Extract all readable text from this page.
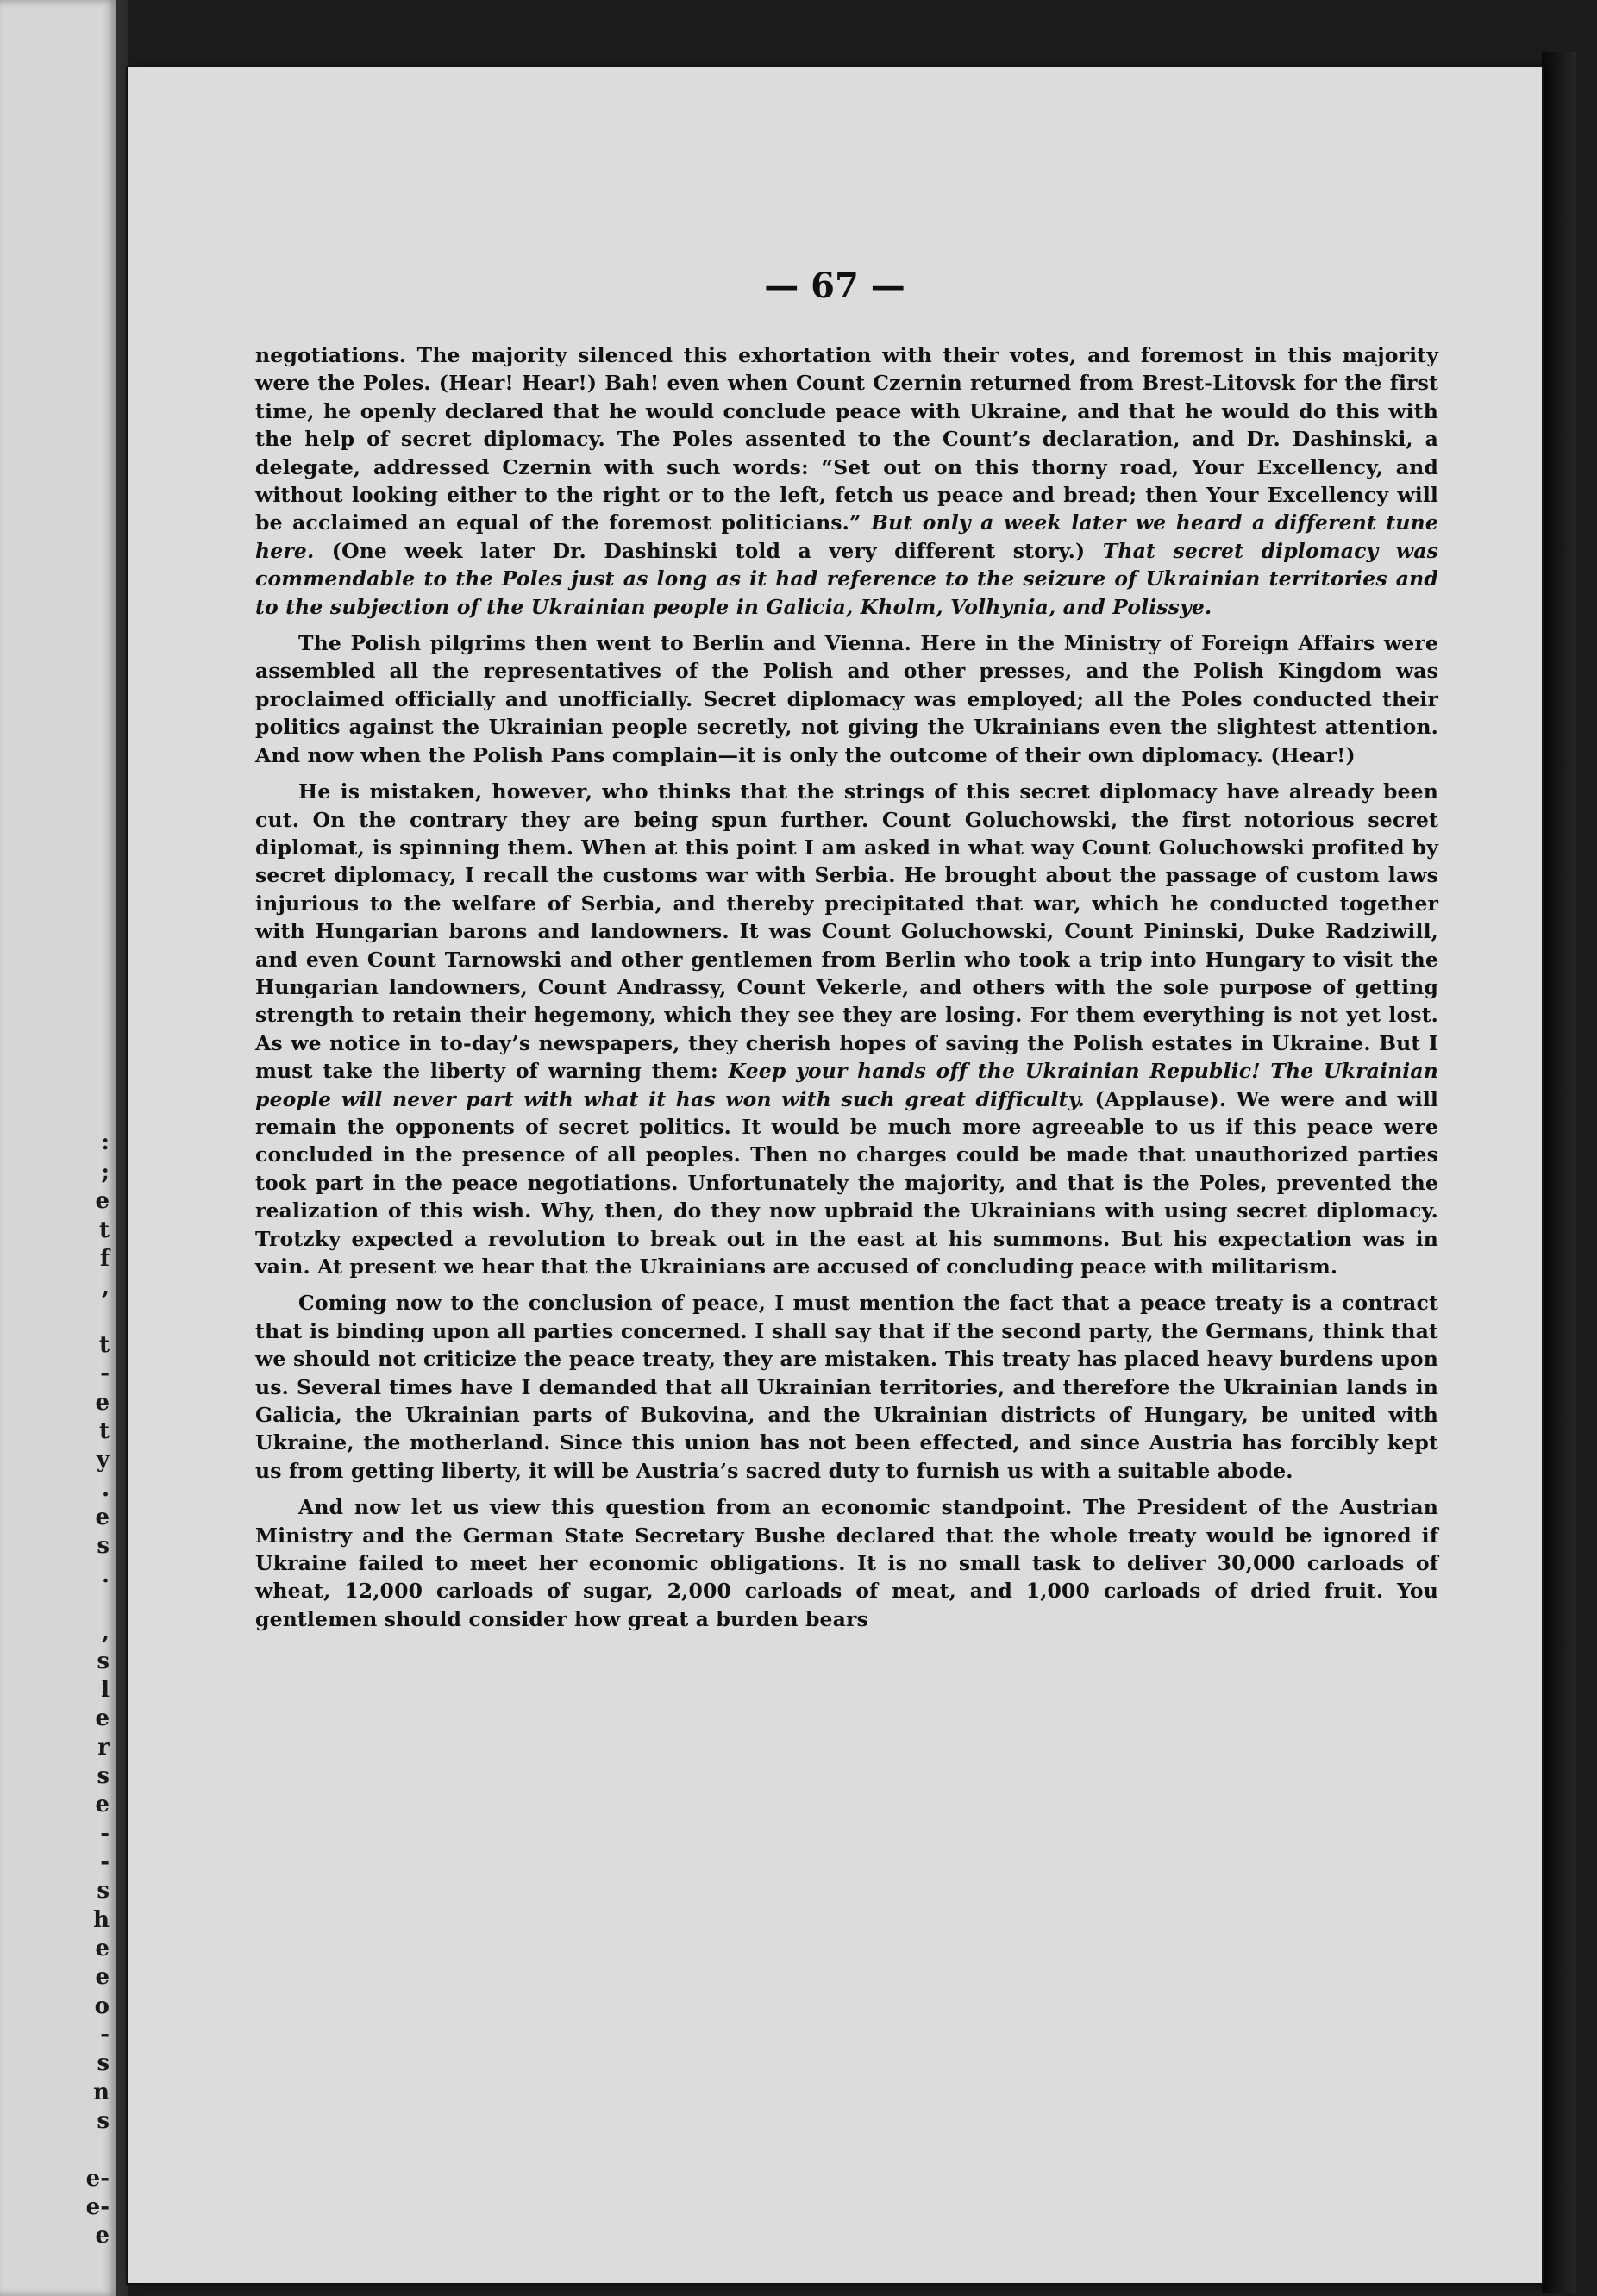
:
;
e
t
f
,
t
-
e
t
y
.
e
s
.
,
s
l
e
r
s
e
-
-
s
h
e
e
o
-
s
n
s
e-
e-
e
— 67 —

negotiations. The majority silenced this exhortation with their votes, and foremost in this majority were the Poles. (Hear! Hear!) Bah! even when Count Czernin returned from Brest-Litovsk for the first time, he openly declared that he would conclude peace with Ukraine, and that he would do this with the help of secret diplomacy. The Poles assented to the Count’s declaration, and Dr. Dashinski, a delegate, addressed Czernin with such words: “Set out on this thorny road, Your Excellency, and without looking either to the right or to the left, fetch us peace and bread; then Your Excellency will be acclaimed an equal of the foremost politicians.” But only a week later we heard a different tune here. (One week later Dr. Dashinski told a very different story.) That secret diplomacy was commendable to the Poles just as long as it had reference to the seizure of Ukrainian territories and to the subjection of the Ukrainian people in Galicia, Kholm, Volhynia, and Polissye.

The Polish pilgrims then went to Berlin and Vienna. Here in the Ministry of Foreign Affairs were assembled all the representatives of the Polish and other presses, and the Polish Kingdom was proclaimed officially and unofficially. Secret diplomacy was employed; all the Poles conducted their politics against the Ukrainian people secretly, not giving the Ukrainians even the slightest attention. And now when the Polish Pans complain—it is only the outcome of their own diplomacy. (Hear!)

He is mistaken, however, who thinks that the strings of this secret diplomacy have already been cut. On the contrary they are being spun further. Count Goluchowski, the first notorious secret diplomat, is spinning them. When at this point I am asked in what way Count Goluchowski profited by secret diplomacy, I recall the customs war with Serbia. He brought about the passage of custom laws injurious to the welfare of Serbia, and thereby precipitated that war, which he conducted together with Hungarian barons and landowners. It was Count Goluchowski, Count Pininski, Duke Radziwill, and even Count Tarnowski and other gentlemen from Berlin who took a trip into Hungary to visit the Hungarian landowners, Count Andrassy, Count Vekerle, and others with the sole purpose of getting strength to retain their hegemony, which they see they are losing. For them everything is not yet lost. As we notice in to-day’s newspapers, they cherish hopes of saving the Polish estates in Ukraine. But I must take the liberty of warning them: Keep your hands off the Ukrainian Republic! The Ukrainian people will never part with what it has won with such great difficulty. (Applause). We were and will remain the opponents of secret politics. It would be much more agreeable to us if this peace were concluded in the presence of all peoples. Then no charges could be made that unauthorized parties took part in the peace negotiations. Unfortunately the majority, and that is the Poles, prevented the realization of this wish. Why, then, do they now upbraid the Ukrainians with using secret diplomacy. Trotzky expected a revolution to break out in the east at his summons. But his expectation was in vain. At present we hear that the Ukrainians are accused of concluding peace with militarism.

Coming now to the conclusion of peace, I must mention the fact that a peace treaty is a contract that is binding upon all parties concerned. I shall say that if the second party, the Germans, think that we should not criticize the peace treaty, they are mistaken. This treaty has placed heavy burdens upon us. Several times have I demanded that all Ukrainian territories, and therefore the Ukrainian lands in Galicia, the Ukrainian parts of Bukovina, and the Ukrainian districts of Hungary, be united with Ukraine, the motherland. Since this union has not been effected, and since Austria has forcibly kept us from getting liberty, it will be Austria’s sacred duty to furnish us with a suitable abode.

And now let us view this question from an economic standpoint. The President of the Austrian Ministry and the German State Secretary Bushe declared that the whole treaty would be ignored if Ukraine failed to meet her economic obligations. It is no small task to deliver 30,000 carloads of wheat, 12,000 carloads of sugar, 2,000 carloads of meat, and 1,000 carloads of dried fruit. You gentlemen should consider how great a burden bears
